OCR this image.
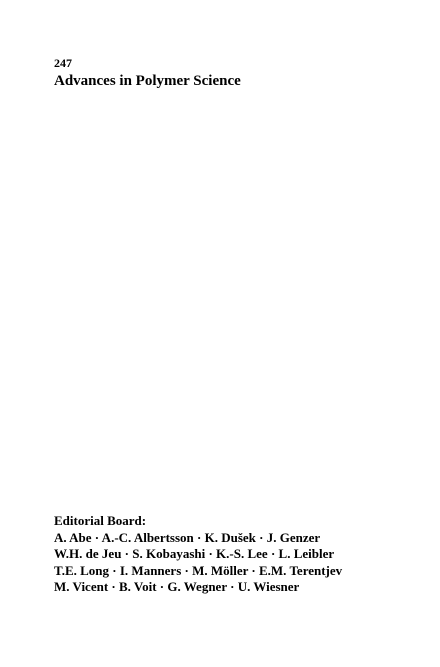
247

Advances in Polymer Science

Editorial Board:

A. Abe · A.-C. Albertsson · K. Dušek · J. Genzer

W.H. de Jeu · S. Kobayashi · K.-S. Lee · L. Leibler

T.E. Long · I. Manners · M. Möller · E.M. Terentjev

M. Vicent · B. Voit · G. Wegner · U. Wiesner
